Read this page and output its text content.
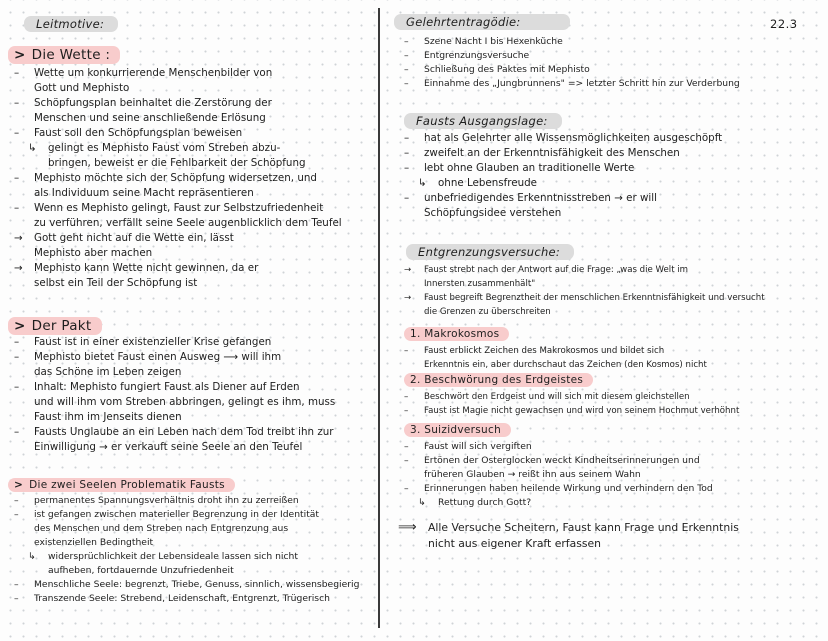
Leitmotive:
> Die Wette :
– Wette um konkurrierende Menschenbilder von
Gott und Mephisto
– Schöpfungsplan beinhaltet die Zerstörung der
Menschen und seine anschließende Erlösung
– Faust soll den Schöpfungsplan beweisen
↳ gelingt es Mephisto Faust vom Streben abzu-
bringen, beweist er die Fehlbarkeit der Schöpfung
– Mephisto möchte sich der Schöpfung widersetzen, und
als Individuum seine Macht repräsentieren
– Wenn es Mephisto gelingt, Faust zur Selbstzufriedenheit
zu verführen, verfällt seine Seele augenblicklich dem Teufel
→ Gott geht nicht auf die Wette ein, lässt
Mephisto aber machen
→ Mephisto kann Wette nicht gewinnen, da er
selbst ein Teil der Schöpfung ist
> Der Pakt
– Faust ist in einer existenzieller Krise gefangen
– Mephisto bietet Faust einen Ausweg ⟶ will ihm
das Schöne im Leben zeigen
– Inhalt: Mephisto fungiert Faust als Diener auf Erden
und will ihm vom Streben abbringen, gelingt es ihm, muss
Faust ihm im Jenseits dienen
– Fausts Unglaube an ein Leben nach dem Tod treibt ihn zur
Einwilligung → er verkauft seine Seele an den Teufel
> Die zwei Seelen Problematik Fausts
– permanentes Spannungsverhältnis droht ihn zu zerreißen
– ist gefangen zwischen materieller Begrenzung in der Identität
des Menschen und dem Streben nach Entgrenzung aus
existenziellen Bedingtheit
↳ widersprüchlichkeit der Lebensideale lassen sich nicht
aufheben, fortdauernde Unzufriedenheit
– Menschliche Seele: begrenzt, Triebe, Genuss, sinnlich, wissensbegierig
– Transzende Seele: Strebend, Leidenschaft, Entgrenzt, Trügerisch
Gelehrtentragödie:	22.3
– Szene Nacht I bis Hexenküche
– Entgrenzungsversuche
– Schließung des Paktes mit Mephisto
– Einnahme des „Jungbrunnens" => letzter Schritt hin zur Verderbung
Fausts Ausgangslage:
– hat als Gelehrter alle Wissensmöglichkeiten ausgeschöpft
– zweifelt an der Erkenntnisfähigkeit des Menschen
– lebt ohne Glauben an traditionelle Werte
↳ ohne Lebensfreude
– unbefriedigendes Erkenntnisstreben → er will
Schöpfungsidee verstehen
Entgrenzungsversuche:
→ Faust strebt nach der Antwort auf die Frage: „was die Welt im
Innersten zusammenhält"
→ Faust begreift Begrenztheit der menschlichen Erkenntnisfähigkeit und versucht
die Grenzen zu überschreiten
1. Makrokosmos
– Faust erblickt Zeichen des Makrokosmos und bildet sich
Erkenntnis ein, aber durchschaut das Zeichen (den Kosmos) nicht
2. Beschwörung des Erdgeistes
– Beschwört den Erdgeist und will sich mit diesem gleichstellen
– Faust ist Magie nicht gewachsen und wird von seinem Hochmut verhöhnt
3. Suizidversuch
– Faust will sich vergiften
– Ertönen der Osterglocken weckt Kindheitserinnerungen und
früheren Glauben → reißt ihn aus seinem Wahn
– Erinnerungen haben heilende Wirkung und verhindern den Tod
↳ Rettung durch Gott?
⟹ Alle Versuche Scheitern, Faust kann Frage und Erkenntnis
nicht aus eigener Kraft erfassen
